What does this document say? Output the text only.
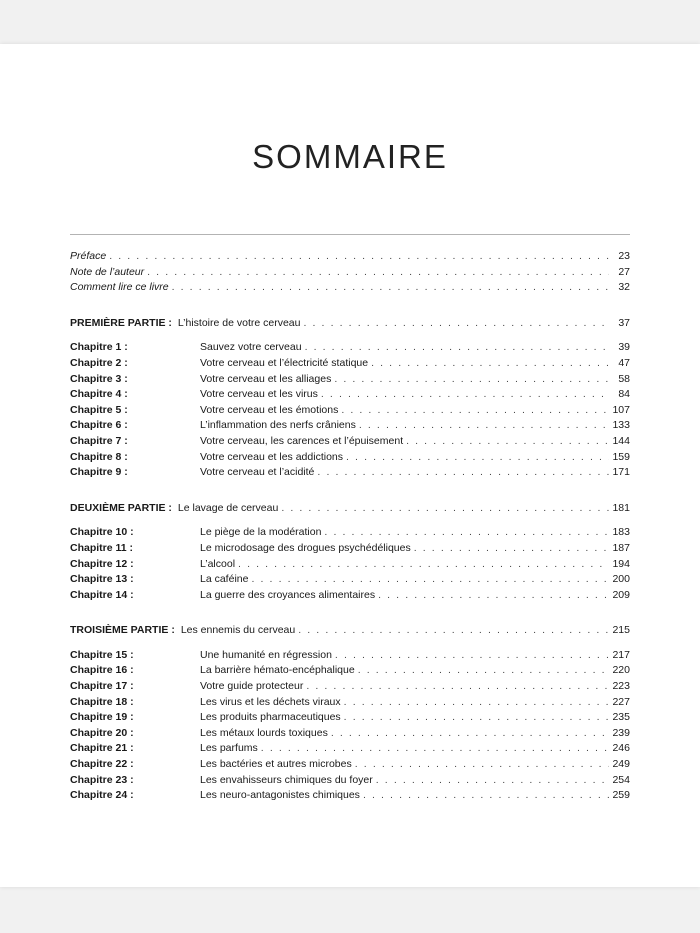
SOMMAIRE
Préface . . .	23
Note de l’auteur . . .	27
Comment lire ce livre . . .	32
PREMIÈRE PARTIE : L’histoire de votre cerveau . . .	37
Chapitre 1 :	Sauvez votre cerveau . . .	39
Chapitre 2 :	Votre cerveau et l’électricité statique . . .	47
Chapitre 3 :	Votre cerveau et les alliages . . .	58
Chapitre 4 :	Votre cerveau et les virus . . .	84
Chapitre 5 :	Votre cerveau et les émotions . . .	107
Chapitre 6 :	L’inflammation des nerfs crâniens . . .	133
Chapitre 7 :	Votre cerveau, les carences et l’épuisement . . .	144
Chapitre 8 :	Votre cerveau et les addictions . . .	159
Chapitre 9 :	Votre cerveau et l’acidité . . .	171
DEUXIÈME PARTIE : Le lavage de cerveau . . .	181
Chapitre 10 :	Le piège de la modération . . .	183
Chapitre 11 :	Le microdosage des drogues psychédéliques . . .	187
Chapitre 12 :	L’alcool . . .	194
Chapitre 13 :	La caféine . . .	200
Chapitre 14 :	La guerre des croyances alimentaires . . .	209
TROISIÈME PARTIE : Les ennemis du cerveau . . .	215
Chapitre 15 :	Une humanité en régression . . .	217
Chapitre 16 :	La barrière hémato-encéphalique . . .	220
Chapitre 17 :	Votre guide protecteur . . .	223
Chapitre 18 :	Les virus et les déchets viraux . . .	227
Chapitre 19 :	Les produits pharmaceutiques . . .	235
Chapitre 20 :	Les métaux lourds toxiques . . .	239
Chapitre 21 :	Les parfums . . .	246
Chapitre 22 :	Les bactéries et autres microbes . . .	249
Chapitre 23 :	Les envahisseurs chimiques du foyer . . .	254
Chapitre 24 :	Les neuro-antagonistes chimiques . . .	259
